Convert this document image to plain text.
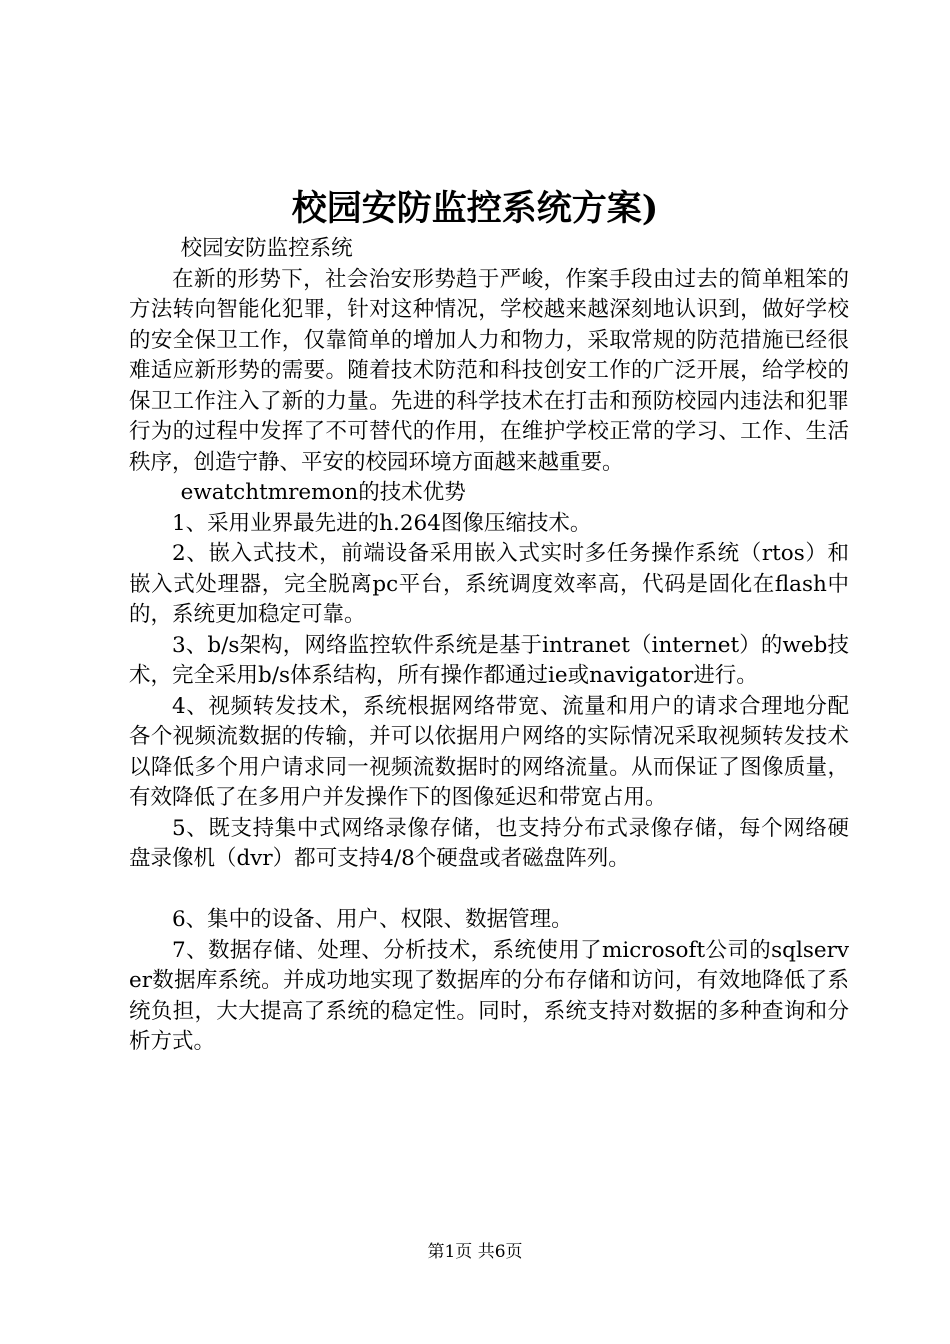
校园安防监控系统方案)

校园安防监控系统

在新的形势下，社会治安形势趋于严峻，作案手段由过去的简单粗笨的方法转向智能化犯罪，针对这种情况，学校越来越深刻地认识到，做好学校的安全保卫工作，仅靠简单的增加人力和物力，采取常规的防范措施已经很难适应新形势的需要。随着技术防范和科技创安工作的广泛开展，给学校的保卫工作注入了新的力量。先进的科学技术在打击和预防校园内违法和犯罪行为的过程中发挥了不可替代的作用，在维护学校正常的学习、工作、生活秩序，创造宁静、平安的校园环境方面越来越重要。

ewatchtmremon的技术优势

1、采用业界最先进的h.264图像压缩技术。

2、嵌入式技术，前端设备采用嵌入式实时多任务操作系统（rtos）和嵌入式处理器，完全脱离pc平台，系统调度效率高，代码是固化在flash中的，系统更加稳定可靠。

3、b/s架构，网络监控软件系统是基于intranet（internet）的web技术，完全采用b/s体系结构，所有操作都通过ie或navigator进行。

4、视频转发技术，系统根据网络带宽、流量和用户的请求合理地分配各个视频流数据的传输，并可以依据用户网络的实际情况采取视频转发技术以降低多个用户请求同一视频流数据时的网络流量。从而保证了图像质量，有效降低了在多用户并发操作下的图像延迟和带宽占用。

5、既支持集中式网络录像存储，也支持分布式录像存储，每个网络硬盘录像机（dvr）都可支持4/8个硬盘或者磁盘阵列。

6、集中的设备、用户、权限、数据管理。

7、数据存储、处理、分析技术，系统使用了microsoft公司的sqlserver数据库系统。并成功地实现了数据库的分布存储和访问，有效地降低了系统负担，大大提高了系统的稳定性。同时，系统支持对数据的多种查询和分析方式。

第1页 共6页
